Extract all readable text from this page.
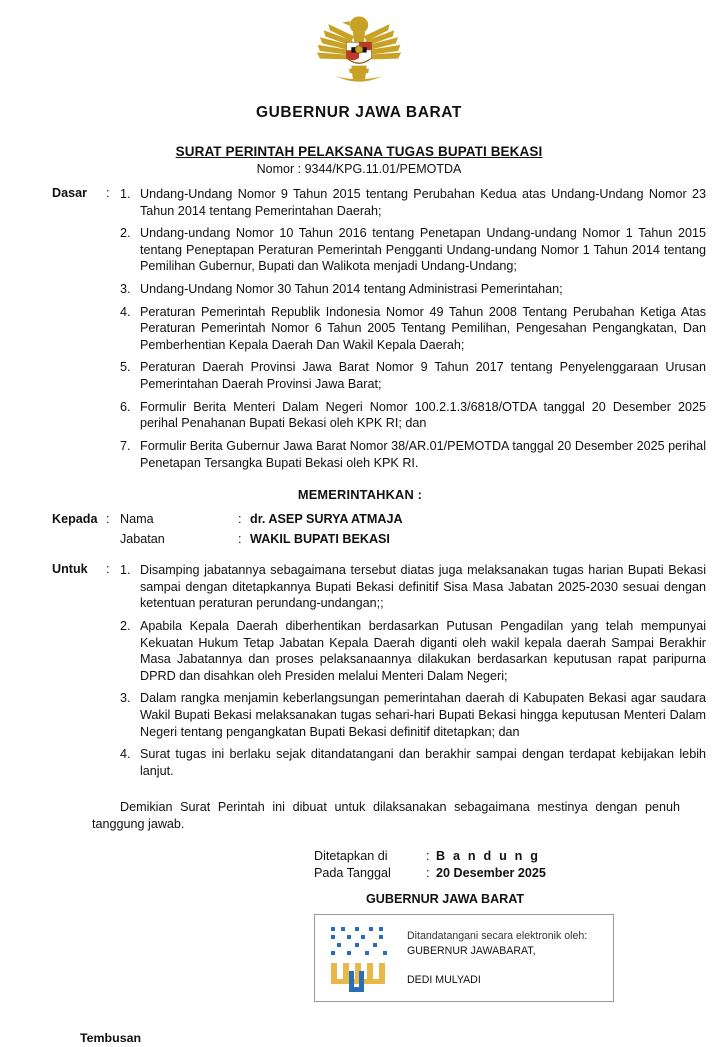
GUBERNUR JAWA BARAT
SURAT PERINTAH PELAKSANA TUGAS BUPATI BEKASI
Nomor : 9344/KPG.11.01/PEMOTDA
Dasar	: 1. Undang-Undang Nomor 9 Tahun 2015 tentang Perubahan Kedua atas Undang-Undang Nomor 23 Tahun 2014 tentang Pemerintahan Daerah;
2. Undang-undang Nomor 10 Tahun 2016 tentang Penetapan Undang-undang Nomor 1 Tahun 2015 tentang Peneptapan Peraturan Pemerintah Pengganti Undang-undang Nomor 1 Tahun 2014 tentang Pemilihan Gubernur, Bupati dan Walikota menjadi Undang-Undang;
3. Undang-Undang Nomor 30 Tahun 2014 tentang Administrasi Pemerintahan;
4. Peraturan Pemerintah Republik Indonesia Nomor 49 Tahun 2008 Tentang Perubahan Ketiga Atas Peraturan Pemerintah Nomor 6 Tahun 2005 Tentang Pemilihan, Pengesahan Pengangkatan, Dan Pemberhentian Kepala Daerah Dan Wakil Kepala Daerah;
5. Peraturan Daerah Provinsi Jawa Barat Nomor 9 Tahun 2017 tentang Penyelenggaraan Urusan Pemerintahan Daerah Provinsi Jawa Barat;
6. Formulir Berita Menteri Dalam Negeri Nomor 100.2.1.3/6818/OTDA tanggal 20 Desember 2025 perihal Penahanan Bupati Bekasi oleh KPK RI; dan
7. Formulir Berita Gubernur Jawa Barat Nomor 38/AR.01/PEMOTDA tanggal 20 Desember 2025 perihal Penetapan Tersangka Bupati Bekasi oleh KPK RI.
MEMERINTAHKAN :
Kepada : Nama	: dr. ASEP SURYA ATMAJA
Jabatan	: WAKIL BUPATI BEKASI
Untuk	: 1. Disamping jabatannya sebagaimana tersebut diatas juga melaksanakan tugas harian Bupati Bekasi sampai dengan ditetapkannya Bupati Bekasi definitif Sisa Masa Jabatan 2025-2030 sesuai dengan ketentuan peraturan perundang-undangan;;
2. Apabila Kepala Daerah diberhentikan berdasarkan Putusan Pengadilan yang telah mempunyai Kekuatan Hukum Tetap Jabatan Kepala Daerah diganti oleh wakil kepala daerah Sampai Berakhir Masa Jabatannya dan proses pelaksanaannya dilakukan berdasarkan keputusan rapat paripurna DPRD dan disahkan oleh Presiden melalui Menteri Dalam Negeri;
3. Dalam rangka menjamin keberlangsungan pemerintahan daerah di Kabupaten Bekasi agar saudara Wakil Bupati Bekasi melaksanakan tugas sehari-hari Bupati Bekasi hingga keputusan Menteri Dalam Negeri tentang pengangkatan Bupati Bekasi definitif ditetapkan; dan
4. Surat tugas ini berlaku sejak ditandatangani dan berakhir sampai dengan terdapat kebijakan lebih lanjut.
Demikian Surat Perintah ini dibuat untuk dilaksanakan sebagaimana mestinya dengan penuh tanggung jawab.
Ditetapkan di	: B a n d u n g
Pada Tanggal	: 20 Desember 2025
GUBERNUR JAWA BARAT
Ditandatangani secara elektronik oleh:
GUBERNUR JAWABARAT,
DEDI MULYADI
Tembusan
